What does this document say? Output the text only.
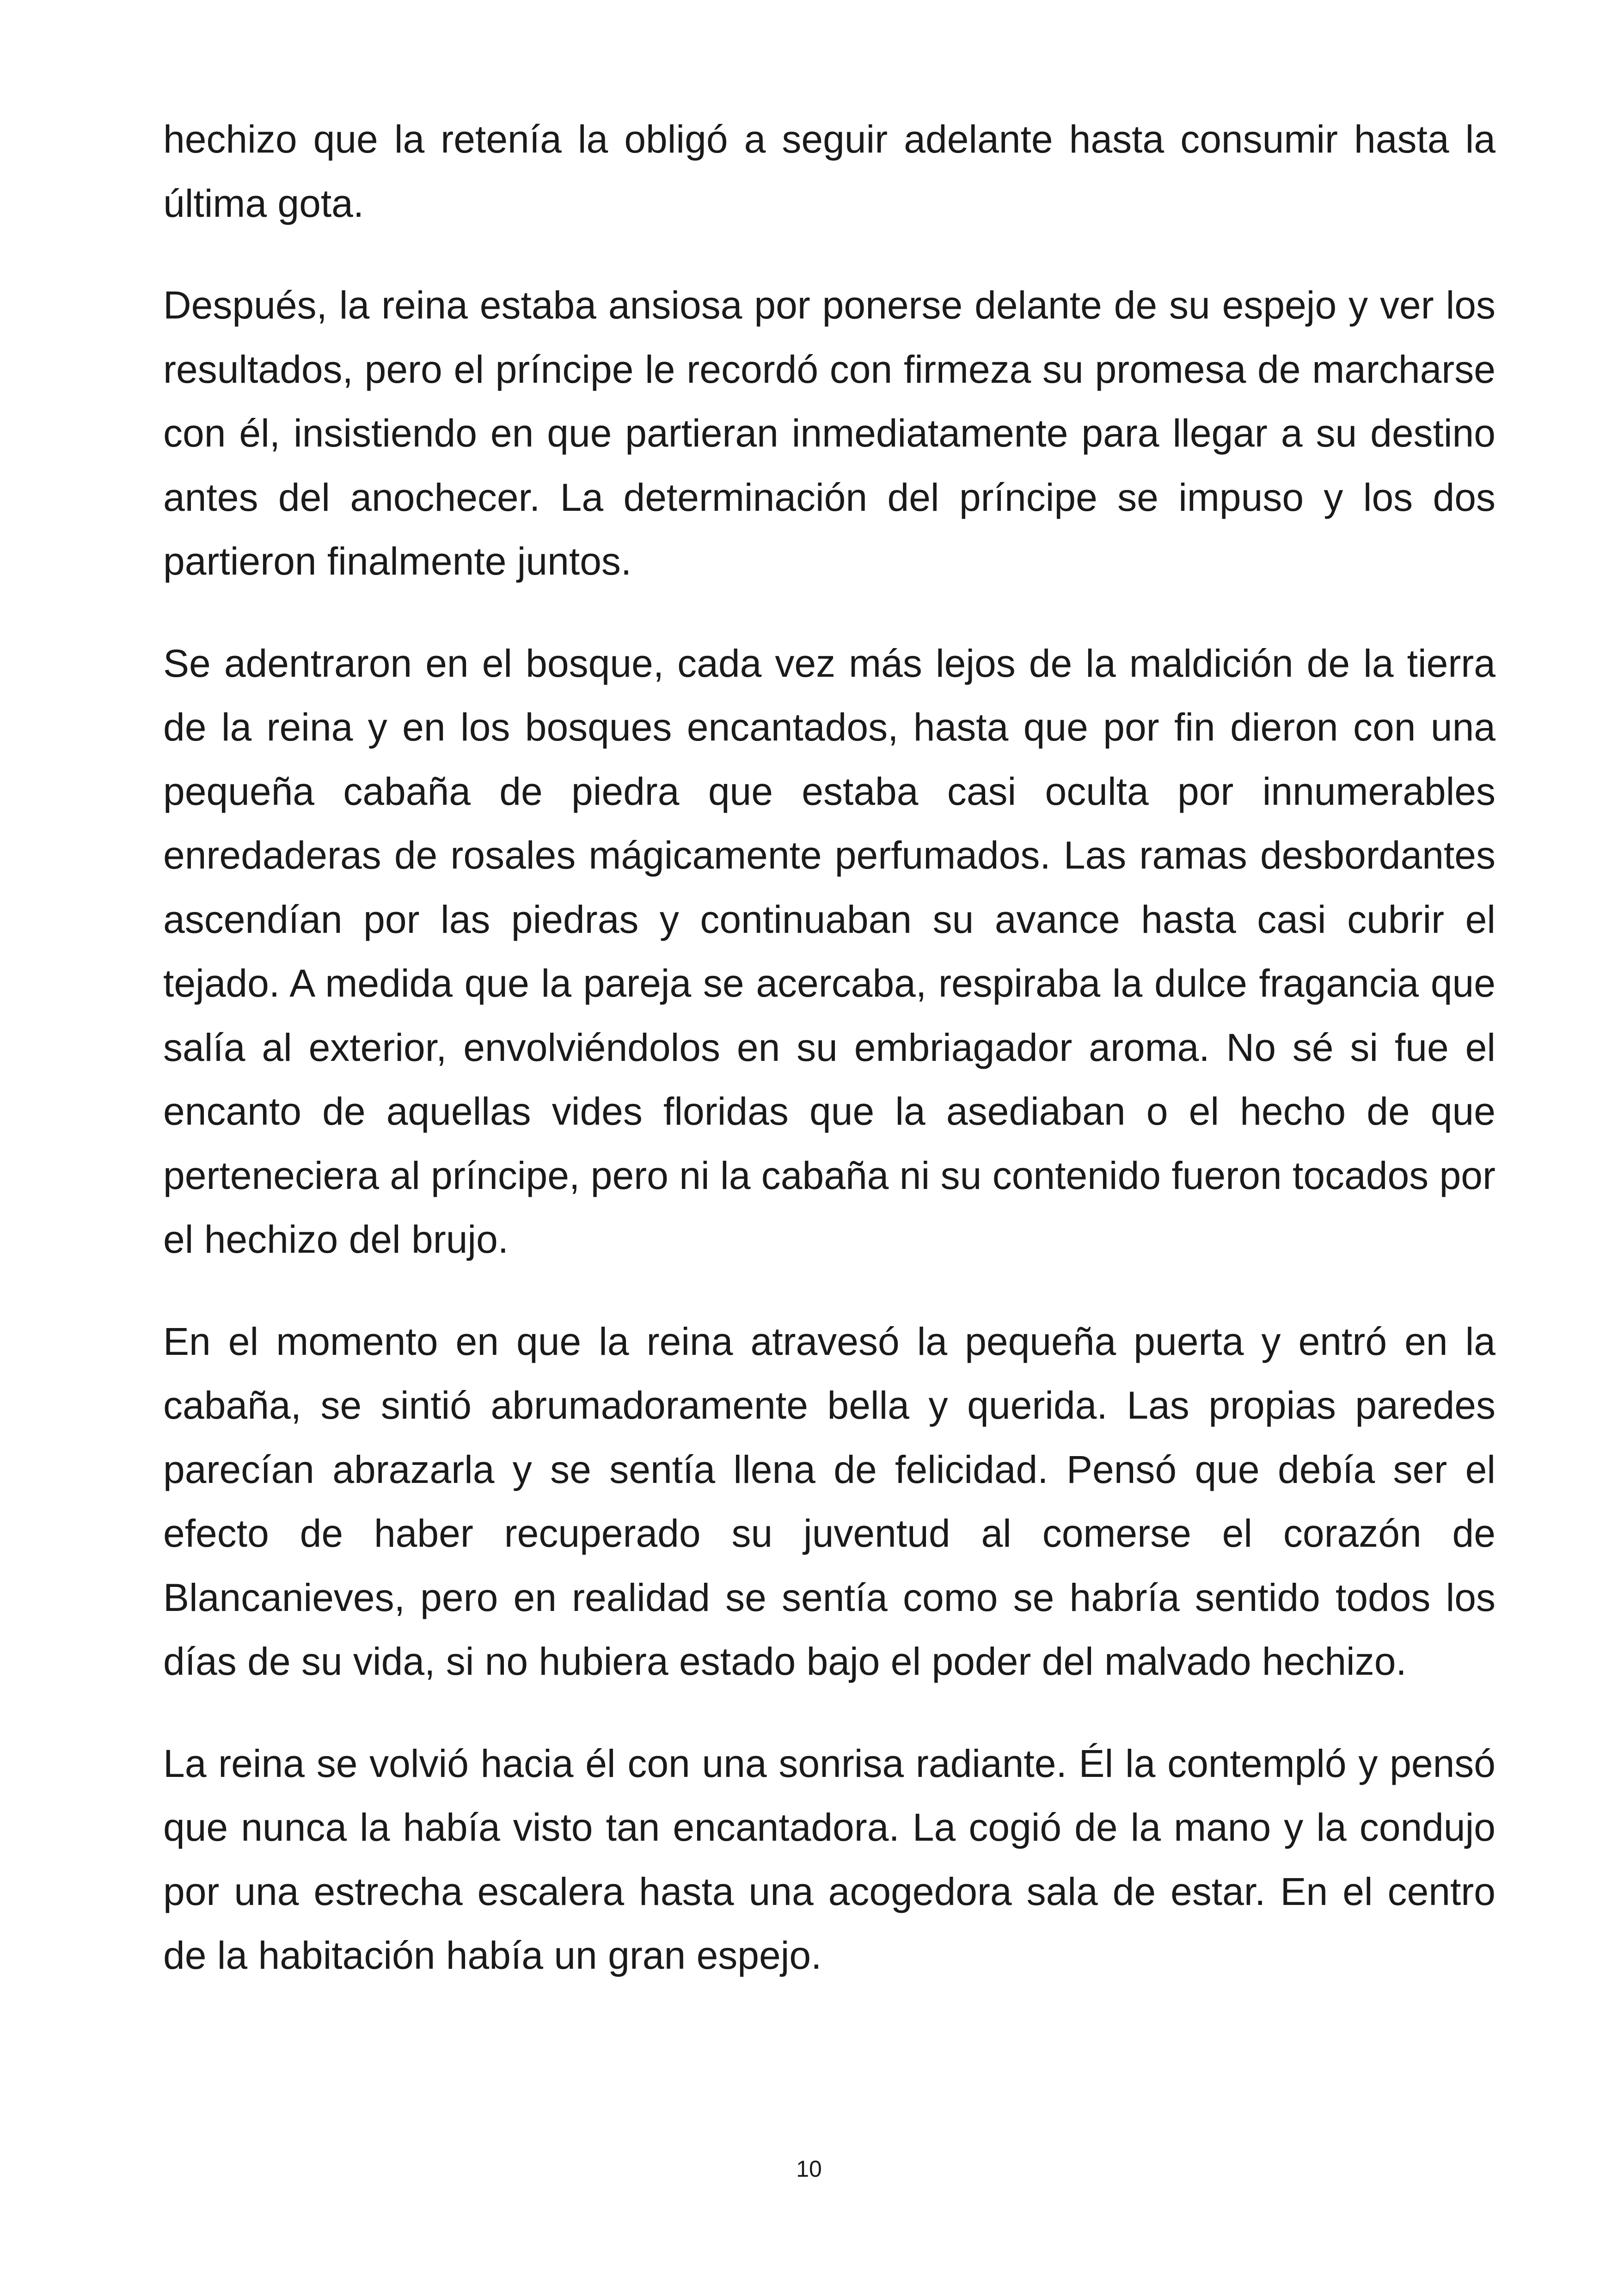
hechizo que la retenía la obligó a seguir adelante hasta consumir hasta la última gota.

Después, la reina estaba ansiosa por ponerse delante de su espejo y ver los resultados, pero el príncipe le recordó con firmeza su promesa de marcharse con él, insistiendo en que partieran inmediatamente para llegar a su destino antes del anochecer. La determinación del príncipe se impuso y los dos partieron finalmente juntos.

Se adentraron en el bosque, cada vez más lejos de la maldición de la tierra de la reina y en los bosques encantados, hasta que por fin dieron con una pequeña cabaña de piedra que estaba casi oculta por innumerables enredaderas de rosales mágicamente perfumados. Las ramas desbordantes ascendían por las piedras y continuaban su avance hasta casi cubrir el tejado. A medida que la pareja se acercaba, respiraba la dulce fragancia que salía al exterior, envolviéndolos en su embriagador aroma. No sé si fue el encanto de aquellas vides floridas que la asediaban o el hecho de que perteneciera al príncipe, pero ni la cabaña ni su contenido fueron tocados por el hechizo del brujo.

En el momento en que la reina atravesó la pequeña puerta y entró en la cabaña, se sintió abrumadoramente bella y querida. Las propias paredes parecían abrazarla y se sentía llena de felicidad. Pensó que debía ser el efecto de haber recuperado su juventud al comerse el corazón de Blancanieves, pero en realidad se sentía como se habría sentido todos los días de su vida, si no hubiera estado bajo el poder del malvado hechizo.

La reina se volvió hacia él con una sonrisa radiante. Él la contempló y pensó que nunca la había visto tan encantadora. La cogió de la mano y la condujo por una estrecha escalera hasta una acogedora sala de estar. En el centro de la habitación había un gran espejo.

10
